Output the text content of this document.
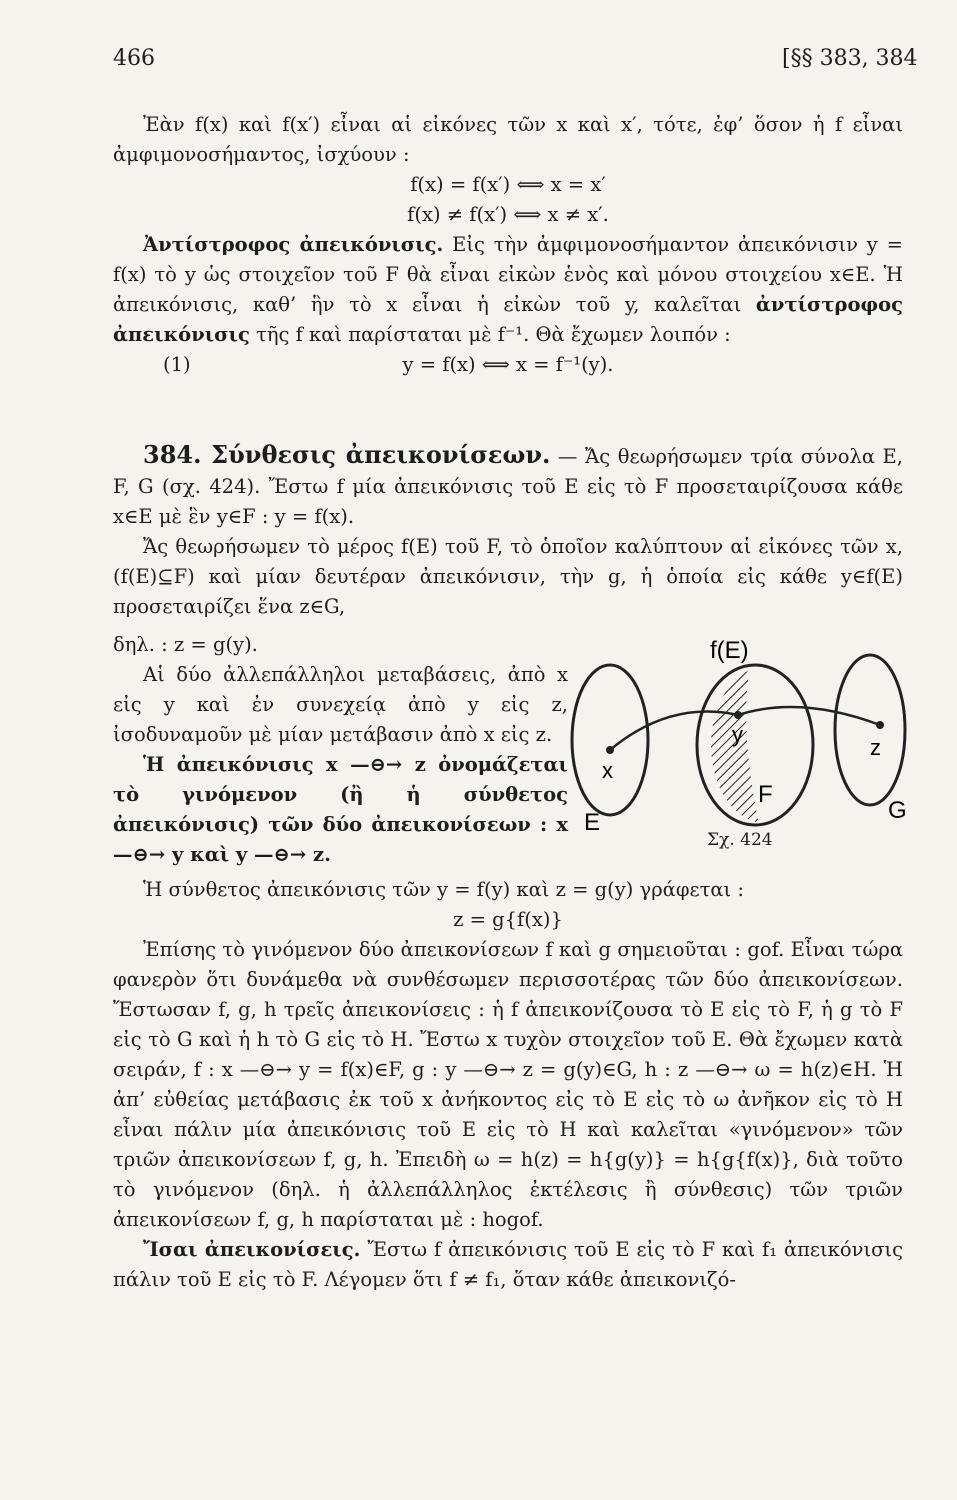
466	[§§ 383, 384

Ἐὰν f(x) καὶ f(x′) εἶναι αἱ εἰκόνες τῶν x καὶ x′, τότε, ἐφ’ ὅσον ἡ f εἶναι ἀμφιμονοσήμαντος, ἰσχύουν :

f(x) = f(x′) ⟺ x = x′

f(x) ≠ f(x′) ⟺ x ≠ x′.

Ἀντίστροφος ἀπεικόνισις. Εἰς τὴν ἀμφιμονοσήμαντον ἀπεικόνισιν y = f(x) τὸ y ὡς στοιχεῖον τοῦ F θὰ εἶναι εἰκὼν ἑνὸς καὶ μόνου στοιχείου x∈E. Ἡ ἀπεικόνισις, καθ’ ἣν τὸ x εἶναι ἡ εἰκὼν τοῦ y, καλεῖται ἀντίστροφος ἀπεικόνισις τῆς f καὶ παρίσταται μὲ f⁻¹. Θὰ ἔχωμεν λοιπόν :

(1)	y = f(x) ⟺ x = f⁻¹(y).

384. Σύνθεσις ἀπεικονίσεων. — Ἄς θεωρήσωμεν τρία σύνολα E, F, G (σχ. 424). Ἔστω f μία ἀπεικόνισις τοῦ E εἰς τὸ F προσεταιρίζουσα κάθε x∈E μὲ ἓν y∈F : y = f(x).

Ἄς θεωρήσωμεν τὸ μέρος f(E) τοῦ F, τὸ ὁποῖον καλύπτουν αἱ εἰκόνες τῶν x, (f(E)⊆F) καὶ μίαν δευτέραν ἀπεικόνισιν, τὴν g, ἡ ὁποία εἰς κάθε y∈f(E) προσεταιρίζει ἕνα z∈G,

δηλ. : z = g(y).

Αἱ δύο ἀλλεπάλληλοι μεταβάσεις, ἀπὸ x εἰς y καὶ ἐν συνεχείᾳ ἀπὸ y εἰς z, ἰσοδυναμοῦν μὲ μίαν μετάβασιν ἀπὸ x εἰς z.

Ἡ ἀπεικόνισις x —⊖→ z ὀνομάζεται τὸ γινόμενον (ἢ ἡ σύνθετος ἀπεικόνισις) τῶν δύο ἀπεικονίσεων : x —⊖→ y καὶ y —⊖→ z.

Ἡ σύνθετος ἀπεικόνισις τῶν y = f(y) καὶ z = g(y) γράφεται :

z = g{f(x)}

Ἐπίσης τὸ γινόμενον δύο ἀπεικονίσεων f καὶ g σημειοῦται : gof. Εἶναι τώρα φανερὸν ὅτι δυνάμεθα νὰ συνθέσωμεν περισσοτέρας τῶν δύο ἀπεικονίσεων. Ἔστωσαν f, g, h τρεῖς ἀπεικονίσεις : ἡ f ἀπεικονίζουσα τὸ E εἰς τὸ F, ἡ g τὸ F εἰς τὸ G καὶ ἡ h τὸ G εἰς τὸ H. Ἔστω x τυχὸν στοιχεῖον τοῦ E. Θὰ ἔχωμεν κατὰ σειράν, f : x —⊖→ y = f(x)∈F, g : y —⊖→ z = g(y)∈G, h : z —⊖→ ω = h(z)∈H. Ἡ ἀπ’ εὐθείας μετάβασις ἐκ τοῦ x ἀνήκοντος εἰς τὸ E εἰς τὸ ω ἀνῆκον εἰς τὸ H εἶναι πάλιν μία ἀπεικόνισις τοῦ E εἰς τὸ H καὶ καλεῖται «γινόμενον» τῶν τριῶν ἀπεικονίσεων f, g, h. Ἐπειδὴ ω = h(z) = h{g(y)} = h{g{f(x)}, διὰ τοῦτο τὸ γινόμενον (δηλ. ἡ ἀλλεπάλληλος ἐκτέλεσις ἢ σύνθεσις) τῶν τριῶν ἀπεικονίσεων f, g, h παρίσταται μὲ : hogof.

Ἴσαι ἀπεικονίσεις. Ἔστω f ἀπεικόνισις τοῦ E εἰς τὸ F καὶ f₁ ἀπεικόνισις πάλιν τοῦ E εἰς τὸ F. Λέγομεν ὅτι f ≠ f₁, ὅταν κάθε ἀπεικονιζό-

f(E)
x
y
z
E
F
G
Σχ. 424
